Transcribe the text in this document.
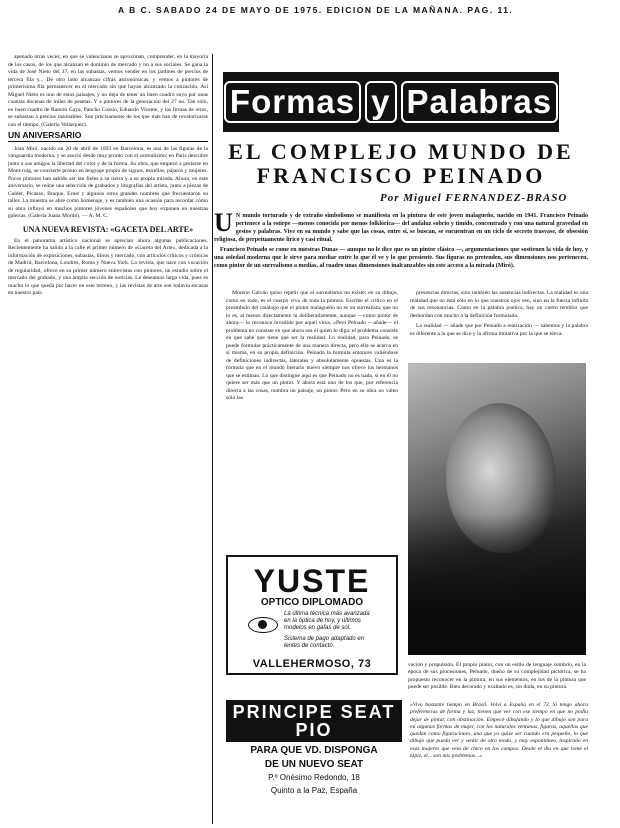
A B C. SABADO 24 DE MAYO DE 1975. EDICION DE LA MAÑANA. PAG. 11.

apenado otras veces; en que se valencianas se aproximan, comprender, en la mayoría de los casos, de los que alcanzan el dominio de mercado y no a sus sociales. Se gana la vida de José Nieto del 37, en las subastas, vemos vender en los jardines de precios de tercera fila y... De otro lado alcanzan cifras astronómicas, y vemos a pintores de primerísima fila permanecer en el mercado sin que hayan alcanzado la cotización. Así Miguel Nieto es uno de estos paisajes, y no deja de tener un buen cuadro suyo por unas cuantas docenas de miles de pesetas. Y a pintores de la generación del 27 no. Tan sólo, en buen cuadro de Ramón Gaya, Pancho Cossío, Eduardo Vicente, y las firmas de otros, se subastan a precios razonables. Son precisamente de los que más han de revalorizarse con el tiempo. (Galería Velázquez).

UN ANIVERSARIO

Joan Miró, nacido un 20 de abril de 1893 en Barcelona, es una de las figuras de la vanguardia moderna, y se asoció desde muy pronto con el surrealismo; en París descubre junto a sus amigos la libertad del color y de la forma. Su obra, que empezó a gestarse en Mont-roig, se convierte pronto en lenguaje propio de signos, estrellas, pájaros y mujeres. Pocos pintores han sabido ser tan fieles a su tierra y a su propia mirada. Ahora, en este aniversario, se reúne una selección de grabados y litografías del artista, junto a piezas de Calder, Picasso, Braque, Ernst y algunos otros grandes nombres que frecuentaron su taller. La muestra se abre como homenaje, y es también una ocasión para recordar cómo su obra influyó en muchos pintores jóvenes españoles que hoy exponen en nuestras galerías. (Galería Juana Mordó). — A. M. C.

UNA NUEVA REVISTA: «GACETA DEL ARTE»

En el panorama artístico nacional se aprecian ahora algunas publicaciones. Recientemente ha salido a la calle el primer número de «Gaceta del Arte», dedicada a la información de exposiciones, subastas, libros y mercado, con artículos críticos y crónicas de Madrid, Barcelona, Londres, Roma y Nueva York. La revista, que nace con vocación de regularidad, ofrece en su primer número entrevistas con pintores, un estudio sobre el mercado del grabado, y una amplia sección de noticias. Le deseamos larga vida, pues es mucho lo que queda por hacer en este terreno, y las revistas de arte son todavía escasas en nuestro país.

Formas y Palabras
EL COMPLEJO MUNDO DE
FRANCISCO PEINADO
Por Miguel FERNANDEZ-BRASO
U N mundo torturado y de extraño simbolismo se manifiesta en la pintura de este joven malagueño, nacido en 1941. Francisco Peinado pertenece a la estirpe —menos conocida por menos folklórica— del andaluz sobrio y tímido, concentrado y con una natural gravedad en gestos y palabras. Vive en su mundo y sabe que las cosas, entre sí, se buscan, se encuentran en un ciclo de secreto trasvase, de obsesión religiosa, de perpetuamente lírico y casi ritual.
Francisco Peinado se come en nuestras Dunas — aunque no le dice que es un pintor clásico —, argumentaciones que sostienen la vida de hoy, y una soledad moderna que le sirve para mediar entre lo que él ve y lo que presiente. Sus figuras no pretenden, sus dimensiones nos pertenecen, como pintor de un surrealismo a medias, al cuadro unas dimensiones inalcanzables sin este acceso a la mirada (Miró).

Moreno Galván quiso repetir que el surrealismo no existe; en su dibujo, como en todo, es el cuerpo vivo de toda la pintura. Escribe el crítico en el preámbulo del catálogo que el pintor malagueño no es un surrealista, que no lo es, al menos directamente ni deliberadamente, aunque —como pintor de ahora— lo reconoce invadido por aquel virus. «Pero Peinado —añade— el problema no consiste en que ahora sea él quien lo diga: el problema consiste en que sabe que tiene que ser la realidad. Lo realidad, para Peinado, se puede formular prácticamente de una manera directa, pero ella se acerca en sí misma, en su propia definición. Peinado la formula entonces valiéndose de definiciones indirectas, laterales y absolutamente opuestas. Una es la fórmula que en el mundo literario nuevo siempre nos ofrece los hermanos que se estiman. Lo que distingue aquí es que Peinado no es nada, si en él no quiere ser más que un pintor. Y ahora está uno de los que, por referencia directa a las cosas, nombra un paisaje, un pintor. Pero en su obra no valen sólo las

presencias directas, sino también las ausencias indirectas. La realidad es una realidad que no está sólo en lo que nuestros ojos ven, sino en la fuerza infinita de sus resonancias. Como en la palabra poética, hay un cierto temblor que desbordan con mucho a la definición formulada.

La realidad — añade que por Peinado a realización — sabemos y la palabra es diferente a la que se dice y la afirma imitativa por la que se eleva.

YUSTE
OPTICO DIPLOMADO
La última técnica más avanzada en la óptica de hoy, y últimos modelos en gafas de sol.
Sistema de pago adaptado en lentes de contacto.
VALLEHERMOSO, 73
PRINCIPE SEAT PIO
PARA QUE VD. DISPONGA
DE UN NUEVO SEAT
P.º Onésimo Redondo, 18
Quinto a la Paz, España
vación y propulsión. El propio pintor, con un estilo de lenguaje sombrío, en la época de sus procesiones, Peinado, dueño de su complejidad pictórica, se ha propuesto reconocer en la pintura, en sus elementos, en los de la pintura que puede ser posible. Bien decorado y exaltado es, sin duda, en su pintura.
«Vivo bastante tiempo en Brasil. Volví a España en el 73. Si tengo ahora preferencias de forma y luz, tienen que ver con ese tiempo en que no podía dejar de pintar, con obstinación. Empecé dibujando y lo que dibujo son para mí algunas formas de mujer, con los naturales ventanas, figuras, aquellas que quedan como figuraciones, una que yo quise ser cuando era pequeño, lo que dibujo que pueda ver y sentir de otro modo, y muy espontáneo, inspirado en esas mujeres que veía de chico en los campos. Desde el día en que tomé el lápiz, el... son mis problemas...»
